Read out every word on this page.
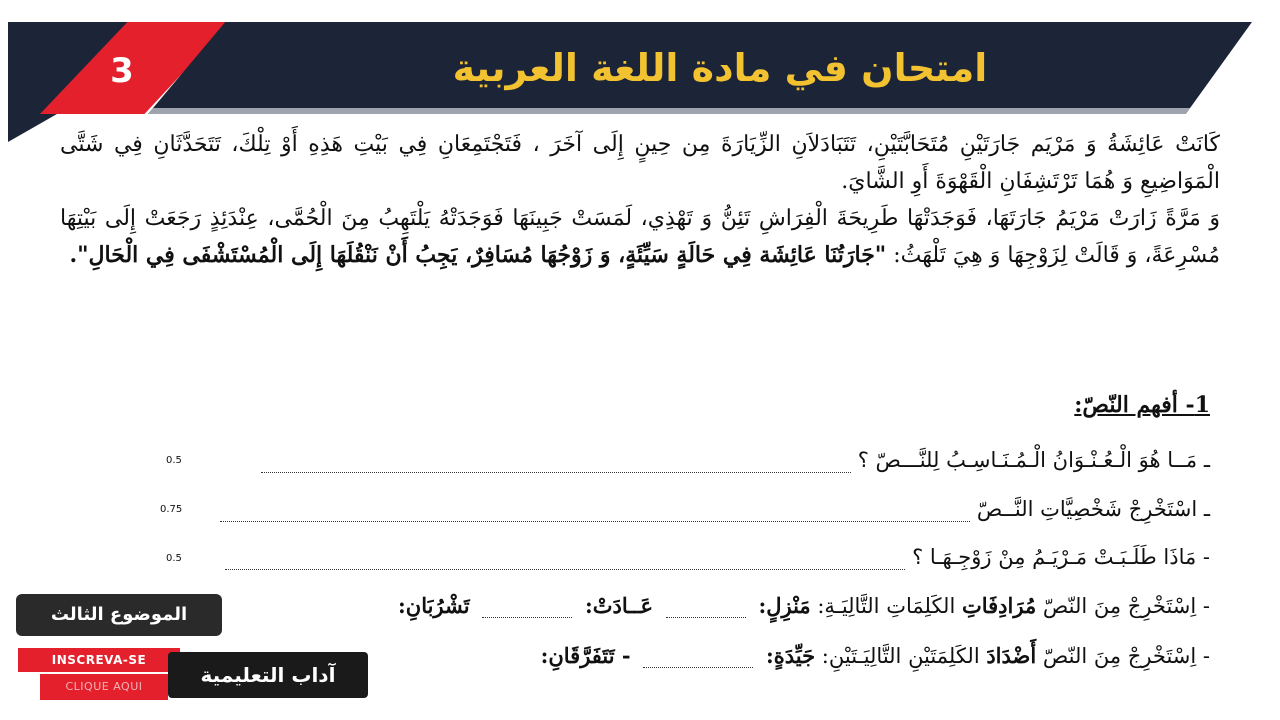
3	امتحان في مادة اللغة العربية

كَانَتْ عَائِشَةُ وَ مَرْيَم جَارَتَيْنِ مُتَحَابَّتَيْنِ، تَتَبَادَلاَنِ الزِّيَارَةَ مِن حِينٍ إِلَى آخَرَ ، فَتَجْتَمِعَانِ فِي بَيْتِ هَذِهِ أَوْ تِلْكَ، تَتَحَدَّثَانِ فِي شَتَّى الْمَوَاضِيعِ وَ هُمَا تَرْتَشِفَانِ الْقَهْوَةَ أَوِ الشَّايَ.

وَ مَرَّةً زَارَتْ مَرْيَمُ جَارَتَهَا، فَوَجَدَتْهَا طَرِيحَةَ الْفِرَاشِ تَئِنُّ وَ تَهْذِي، لَمَسَتْ جَبِينَهَا فَوَجَدَتْهُ يَلْتَهِبُ مِنَ الْحُمَّى، عِنْدَئِذٍ رَجَعَتْ إِلَى بَيْتِهَا مُسْرِعَةً، وَ قَالَتْ لِزَوْجِهَا وَ هِيَ تَلْهَثُ: "جَارَتُنَا عَائِشَة فِي حَالَةٍ سَيِّئَةٍ، وَ زَوْجُهَا مُسَافِرٌ، يَجِبُ أَنْ نَنْقُلَهَا إِلَى الْمُسْتَشْفَى فِي الْحَالِ".

1- أفهم النّصّ:
ـ مَــا هُوَ الْـعُـنْـوَانُ الْـمُـنَـاسِـبُ لِلنَّـــصّ ؟
0.5
ـ اسْتَخْرِجْ شَخْصِيَّاتِ النَّــصّ
0.75
- مَاذَا طَلَـبَـتْ مَـرْيَـمُ مِنْ زَوْجِـهَـا ؟
0.5
- اِسْتَخْرِجْ مِنَ النّصّ مُرَادِفَاتِ الكَلِمَاتِ التَّالِيَـةِ: مَنْزِلٍ:  عَــادَتْ:  تَشْرُبَانِ:
- اِسْتَخْرِجْ مِنَ النّصّ أَضْدَادَ الكَلِمَتَيْنِ التَّالِيَـتَيْنِ: جَيِّدَةٍ:  - تَتَفَرَّقَانِ:
الموضوع الثالث
INSCREVA-SE
CLIQUE AQUI	آداب التعليمية
